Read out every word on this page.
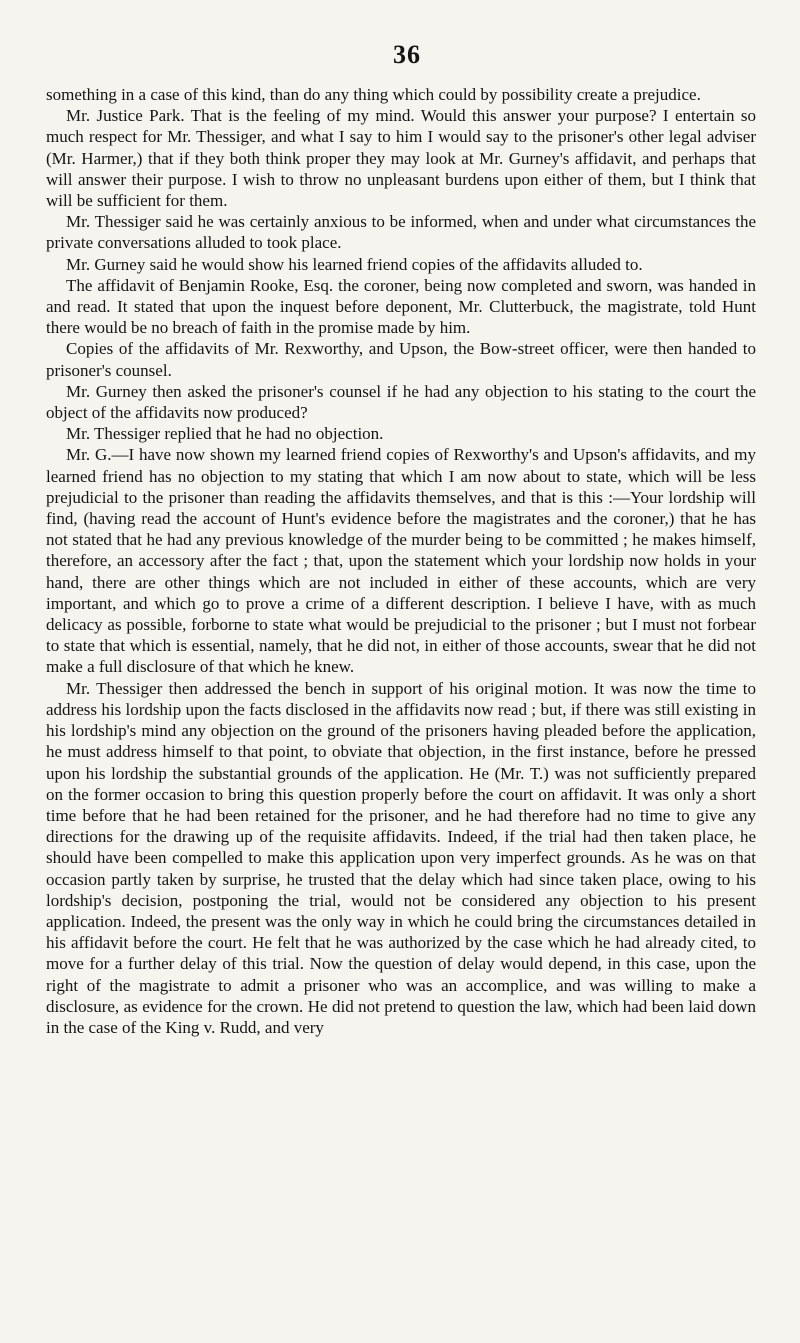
36

something in a case of this kind, than do any thing which could by possibility create a prejudice.

Mr. Justice Park. That is the feeling of my mind. Would this answer your purpose? I entertain so much respect for Mr. Thessiger, and what I say to him I would say to the prisoner's other legal adviser (Mr. Harmer,) that if they both think proper they may look at Mr. Gurney's affidavit, and perhaps that will answer their purpose. I wish to throw no unpleasant burdens upon either of them, but I think that will be sufficient for them.

Mr. Thessiger said he was certainly anxious to be informed, when and under what circumstances the private conversations alluded to took place.

Mr. Gurney said he would show his learned friend copies of the affidavits alluded to.

The affidavit of Benjamin Rooke, Esq. the coroner, being now completed and sworn, was handed in and read. It stated that upon the inquest before deponent, Mr. Clutterbuck, the magistrate, told Hunt there would be no breach of faith in the promise made by him.

Copies of the affidavits of Mr. Rexworthy, and Upson, the Bow-street officer, were then handed to prisoner's counsel.

Mr. Gurney then asked the prisoner's counsel if he had any objection to his stating to the court the object of the affidavits now produced?

Mr. Thessiger replied that he had no objection.

Mr. G.—I have now shown my learned friend copies of Rexworthy's and Upson's affidavits, and my learned friend has no objection to my stating that which I am now about to state, which will be less prejudicial to the prisoner than reading the affidavits themselves, and that is this :—Your lordship will find, (having read the account of Hunt's evidence before the magistrates and the coroner,) that he has not stated that he had any previous knowledge of the murder being to be committed ; he makes himself, therefore, an accessory after the fact ; that, upon the statement which your lordship now holds in your hand, there are other things which are not included in either of these accounts, which are very important, and which go to prove a crime of a different description. I believe I have, with as much delicacy as possible, forborne to state what would be prejudicial to the prisoner ; but I must not forbear to state that which is essential, namely, that he did not, in either of those accounts, swear that he did not make a full disclosure of that which he knew.

Mr. Thessiger then addressed the bench in support of his original motion. It was now the time to address his lordship upon the facts disclosed in the affidavits now read ; but, if there was still existing in his lordship's mind any objection on the ground of the prisoners having pleaded before the application, he must address himself to that point, to obviate that objection, in the first instance, before he pressed upon his lordship the substantial grounds of the application. He (Mr. T.) was not sufficiently prepared on the former occasion to bring this question properly before the court on affidavit. It was only a short time before that he had been retained for the prisoner, and he had therefore had no time to give any directions for the drawing up of the requisite affidavits. Indeed, if the trial had then taken place, he should have been compelled to make this application upon very imperfect grounds. As he was on that occasion partly taken by surprise, he trusted that the delay which had since taken place, owing to his lordship's decision, postponing the trial, would not be considered any objection to his present application. Indeed, the present was the only way in which he could bring the circumstances detailed in his affidavit before the court. He felt that he was authorized by the case which he had already cited, to move for a further delay of this trial. Now the question of delay would depend, in this case, upon the right of the magistrate to admit a prisoner who was an accomplice, and was willing to make a disclosure, as evidence for the crown. He did not pretend to question the law, which had been laid down in the case of the King v. Rudd, and very
